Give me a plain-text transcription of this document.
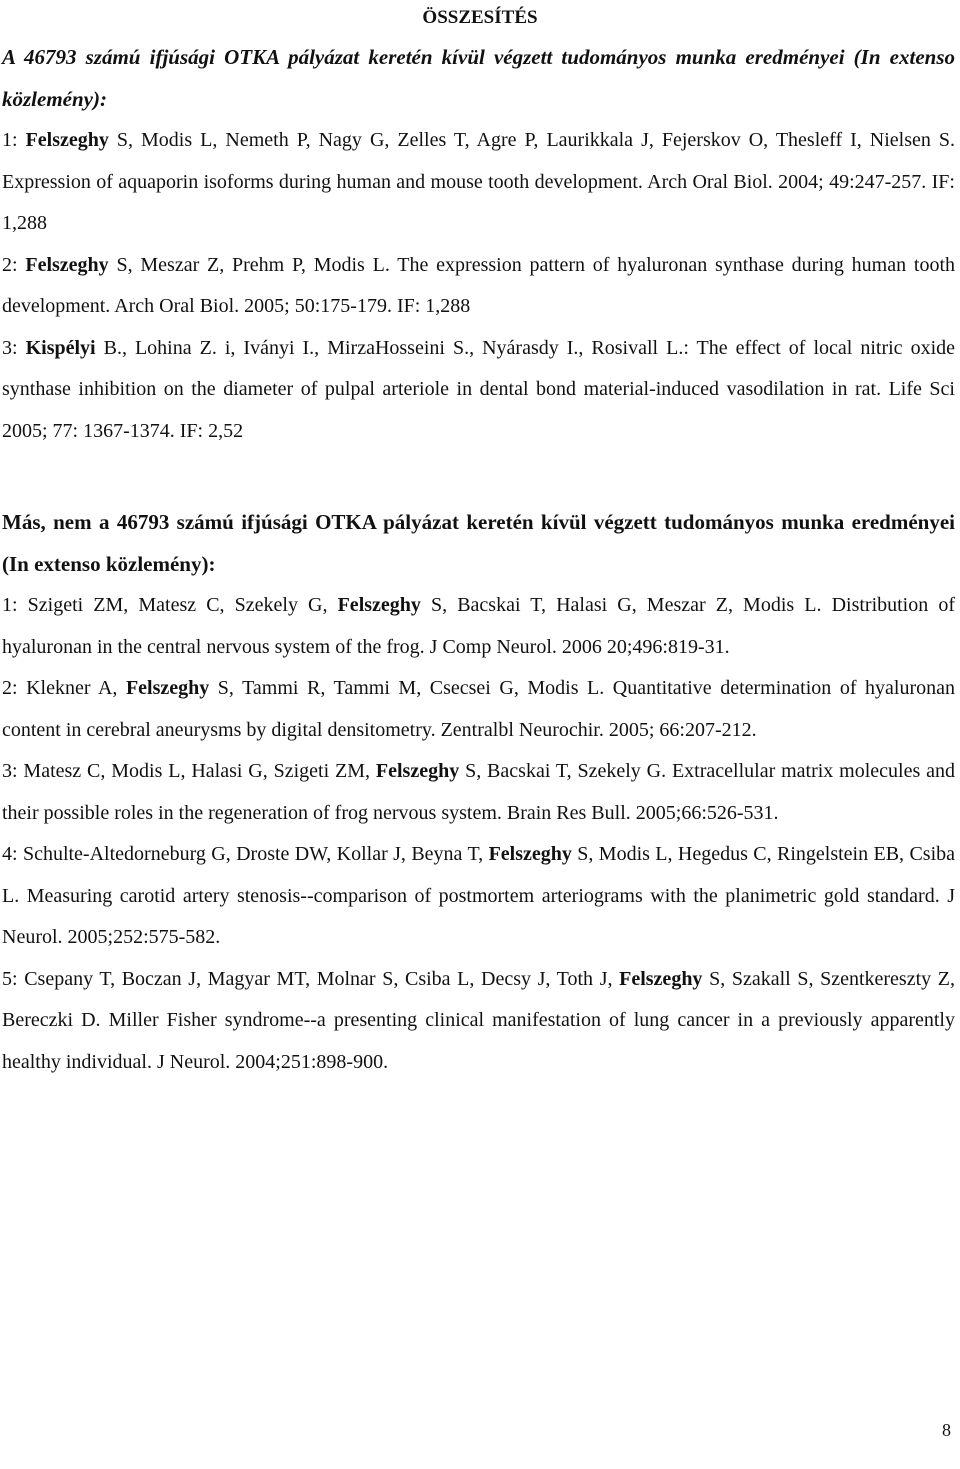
ÖSSZESÍTÉS

A 46793 számú ifjúsági OTKA pályázat keretén kívül végzett tudományos munka eredményei (In extenso közlemény):

1: Felszeghy S, Modis L, Nemeth P, Nagy G, Zelles T, Agre P, Laurikkala J, Fejerskov O, Thesleff I, Nielsen S. Expression of aquaporin isoforms during human and mouse tooth development. Arch Oral Biol. 2004; 49:247-257. IF: 1,288

2: Felszeghy S, Meszar Z, Prehm P, Modis L. The expression pattern of hyaluronan synthase during human tooth development. Arch Oral Biol. 2005; 50:175-179. IF: 1,288

3: Kispélyi B., Lohina Z. i, Iványi I., MirzaHosseini S., Nyárasdy I., Rosivall L.: The effect of local nitric oxide synthase inhibition on the diameter of pulpal arteriole in dental bond material-induced vasodilation in rat. Life Sci 2005; 77: 1367-1374. IF: 2,52

Más, nem a 46793 számú ifjúsági OTKA pályázat keretén kívül végzett tudományos munka eredményei (In extenso közlemény):

1: Szigeti ZM, Matesz C, Szekely G, Felszeghy S, Bacskai T, Halasi G, Meszar Z, Modis L. Distribution of hyaluronan in the central nervous system of the frog. J Comp Neurol. 2006 20;496:819-31.

2: Klekner A, Felszeghy S, Tammi R, Tammi M, Csecsei G, Modis L. Quantitative determination of hyaluronan content in cerebral aneurysms by digital densitometry. Zentralbl Neurochir. 2005; 66:207-212.

3: Matesz C, Modis L, Halasi G, Szigeti ZM, Felszeghy S, Bacskai T, Szekely G. Extracellular matrix molecules and their possible roles in the regeneration of frog nervous system. Brain Res Bull. 2005;66:526-531.

4: Schulte-Altedorneburg G, Droste DW, Kollar J, Beyna T, Felszeghy S, Modis L, Hegedus C, Ringelstein EB, Csiba L. Measuring carotid artery stenosis--comparison of postmortem arteriograms with the planimetric gold standard. J Neurol. 2005;252:575-582.

5: Csepany T, Boczan J, Magyar MT, Molnar S, Csiba L, Decsy J, Toth J, Felszeghy S, Szakall S, Szentkereszty Z, Bereczki D. Miller Fisher syndrome--a presenting clinical manifestation of lung cancer in a previously apparently healthy individual. J Neurol. 2004;251:898-900.

8
